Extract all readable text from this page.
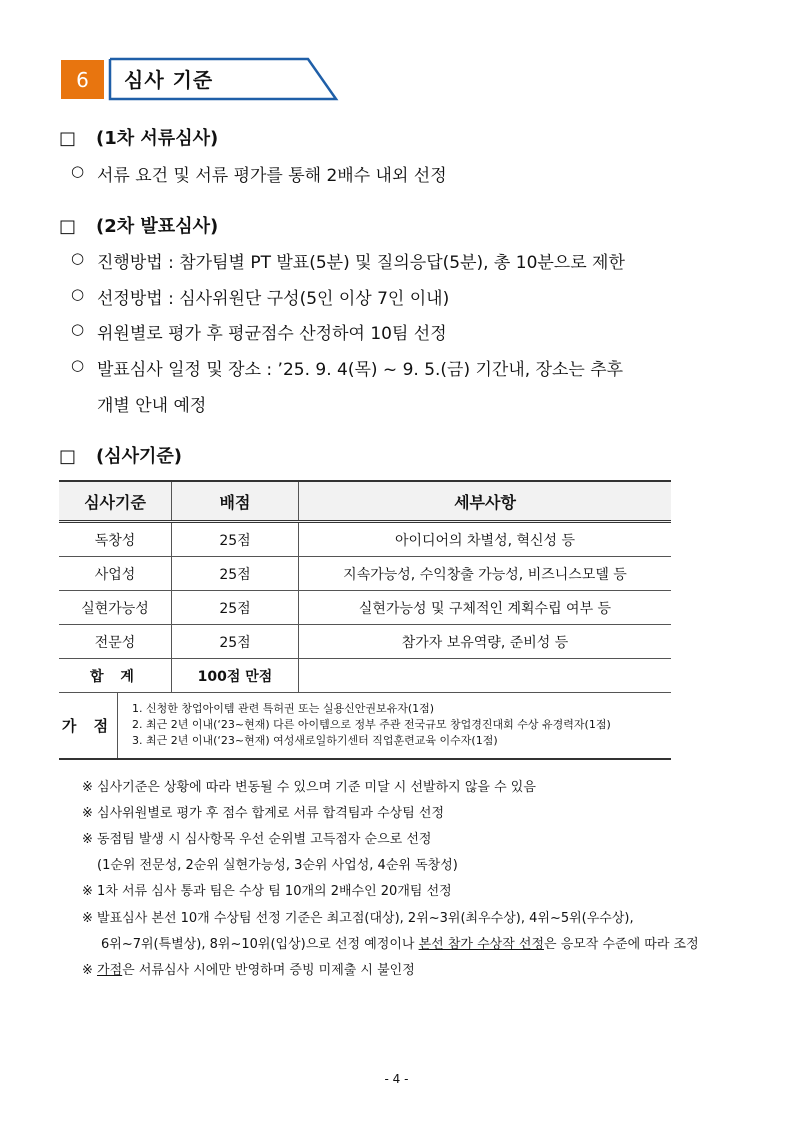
6	심사 기준
□ (1차 서류심사)
○ 서류 요건 및 서류 평가를 통해 2배수 내외 선정
□ (2차 발표심사)
○ 진행방법 : 참가팀별 PT 발표(5분) 및 질의응답(5분), 총 10분으로 제한
○ 선정방법 : 심사위원단 구성(5인 이상 7인 이내)
○ 위원별로 평가 후 평균점수 산정하여 10팀 선정
○ 발표심사 일정 및 장소 : ’25. 9. 4(목) ~ 9. 5.(금) 기간내, 장소는 추후
개별 안내 예정
□ (심사기준)
심사기준	배점	세부사항
독창성	25점	아이디어의 차별성, 혁신성 등
사업성	25점	지속가능성, 수익창출 가능성, 비즈니스모델 등
실현가능성	25점	실현가능성 및 구체적인 계획수립 여부 등
전문성	25점	참가자 보유역량, 준비성 등
합 계	100점 만점	
가 점	
1. 신청한 창업아이템 관련 특허권 또는 실용신안권보유자(1점)
2. 최근 2년 이내(‘23~현재) 다른 아이템으로 정부 주관 전국규모 창업경진대회 수상 유경력자(1점)
3. 최근 2년 이내(‘23~현재) 여성새로일하기센터 직업훈련교육 이수자(1점)
※ 심사기준은 상황에 따라 변동될 수 있으며 기준 미달 시 선발하지 않을 수 있음
※ 심사위원별로 평가 후 점수 합계로 서류 합격팀과 수상팀 선정
※ 동점팀 발생 시 심사항목 우선 순위별 고득점자 순으로 선정
(1순위 전문성, 2순위 실현가능성, 3순위 사업성, 4순위 독창성)
※ 1차 서류 심사 통과 팀은 수상 팀 10개의 2배수인 20개팀 선정
※ 발표심사 본선 10개 수상팀 선정 기준은 최고점(대상), 2위~3위(최우수상), 4위~5위(우수상),
6위~7위(특별상), 8위~10위(입상)으로 선정 예정이나 본선 참가 수상작 선정은 응모작 수준에 따라 조정
※ 가점은 서류심사 시에만 반영하며 증빙 미제출 시 불인정
- 4 -
